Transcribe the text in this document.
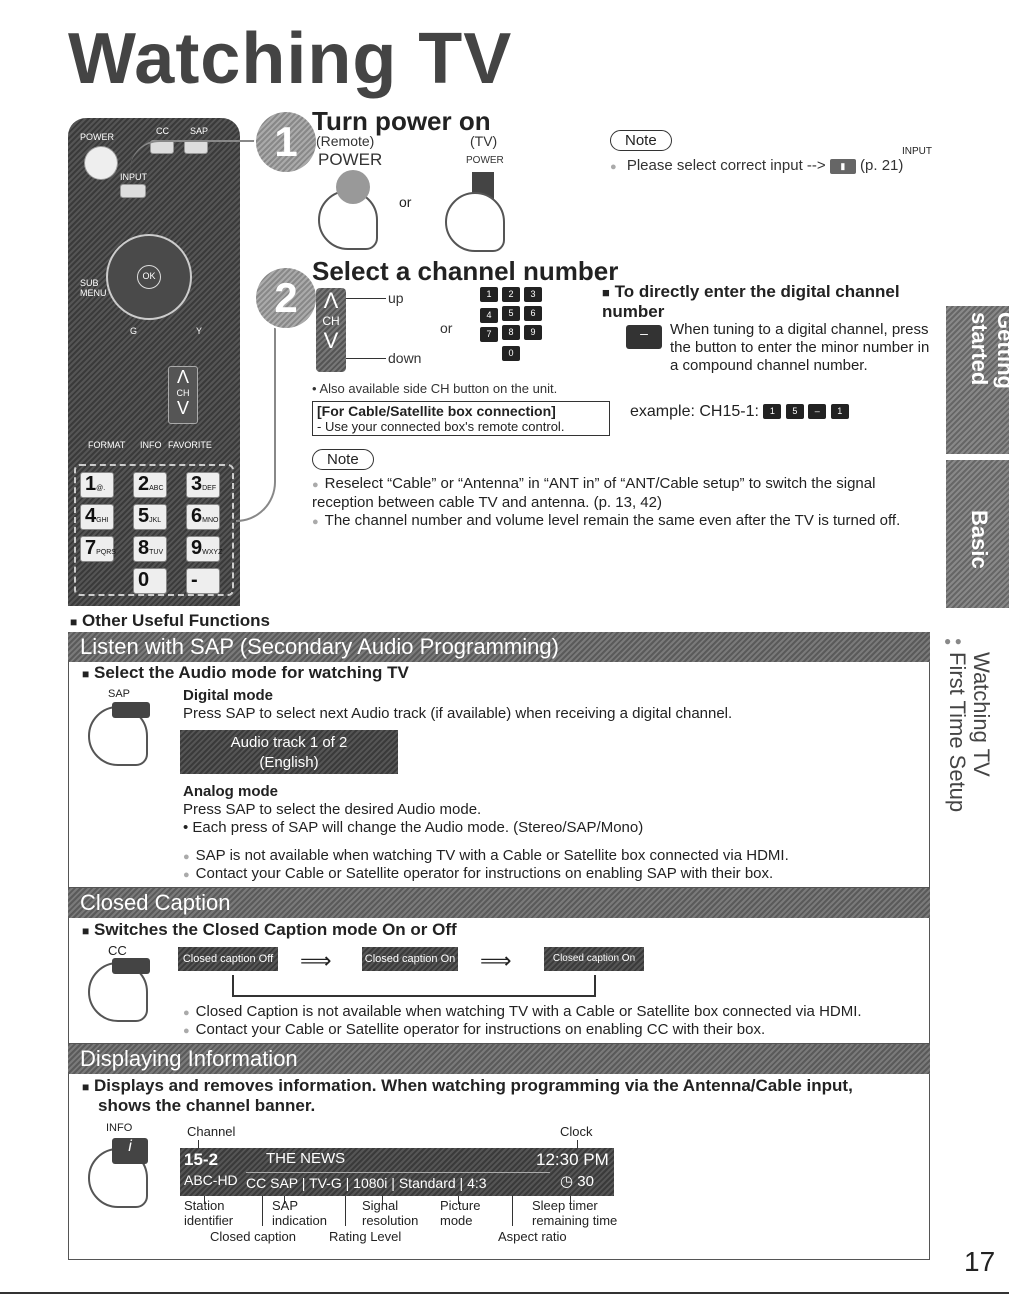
Watching TV
POWER
CC SAP
INPUT
OK
SUB MENU
G	Y
Λ
CH
V
FORMAT INFO FAVORITE
1@.	2ABC 3DEF
4GHI 5JKL 6MNO
7PQRS 8TUV 9WXYZ
0	-
1 Turn power on
(Remote)	(TV)
POWER	POWER
or
Note
INPUT
● Please select correct input --> ▮ (p. 21)
2
Select a channel number
Λ
CH
V
up
down
or
1 2 3
4 5 6
7 8 9
0
• Also available side CH button on the unit.
[For Cable/Satellite box connection]
- Use your connected box's remote control.
■ To directly enter the digital channel number
–	When tuning to a digital channel, press the button to enter the minor number in a compound channel number.
example: CH15-1: 1 5 – 1
Note
● Reselect “Cable” or “Antenna” in “ANT in” of “ANT/Cable setup” to switch the signal reception between cable TV and antenna. (p. 13, 42)
● The channel number and volume level remain the same even after the TV is turned off.
■ Other Useful Functions
Listen with SAP (Secondary Audio Programming)
■ Select the Audio mode for watching TV
SAP	Digital mode
Press SAP to select next Audio track (if available) when receiving a digital channel.
Audio track 1 of 2
(English)
Analog mode
Press SAP to select the desired Audio mode.
• Each press of SAP will change the Audio mode. (Stereo/SAP/Mono)
● SAP is not available when watching TV with a Cable or Satellite box connected via HDMI.
● Contact your Cable or Satellite operator for instructions on enabling SAP with their box.
Closed Caption
■ Switches the Closed Caption mode On or Off
CC
Closed caption Off ⟹	Closed caption On ⟹	Closed caption On mute
● Closed Caption is not available when watching TV with a Cable or Satellite box connected via HDMI.
● Contact your Cable or Satellite operator for instructions on enabling CC with their box.
Displaying Information
■ Displays and removes information. When watching programming via the Antenna/Cable input,
shows the channel banner.
INFO
i
Channel	Clock
15-2
ABC-HD
THE NEWS
CC SAP | TV-G | 1080i | Standard | 4:3
12:30 PM
◷ 30
Station
identifier
SAP
indication
Signal
resolution
Picture
mode
Sleep timer
remaining time
Closed caption	Rating Level	Aspect ratio
Getting started
Basic
● ●
Watching TV
First Time Setup
17
